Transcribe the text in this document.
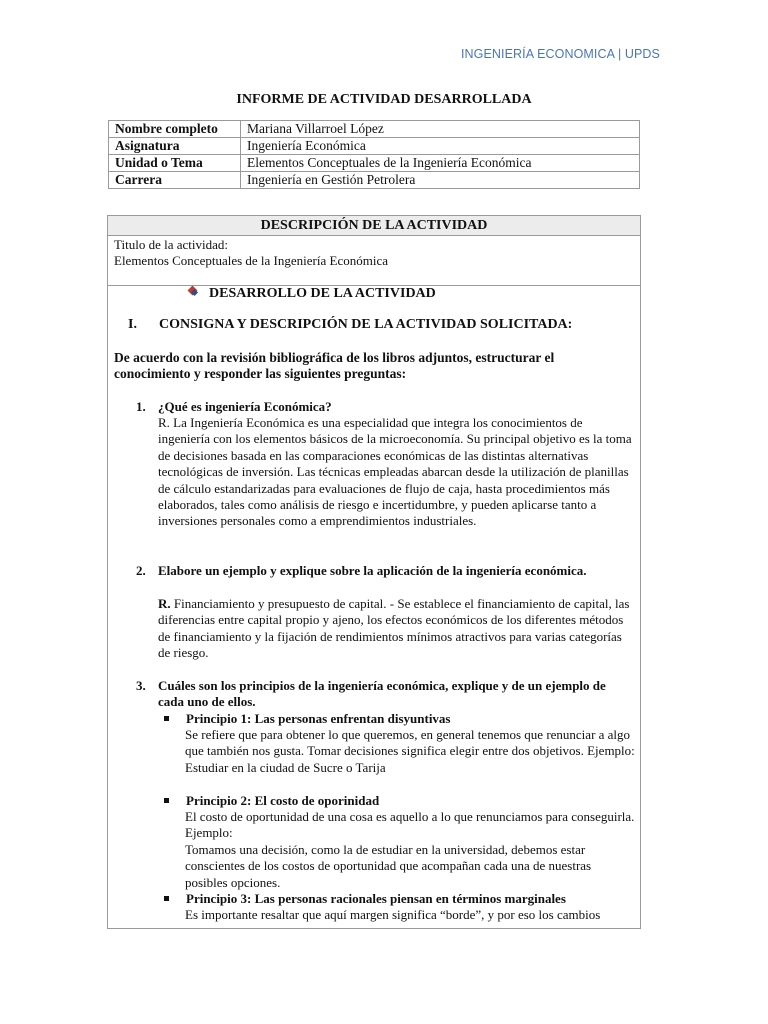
INGENIERÍA ECONOMICA | UPDS
INFORME DE ACTIVIDAD DESARROLLADA
Nombre completo	Mariana Villarroel López
Asignatura	Ingeniería Económica
Unidad o Tema	Elementos Conceptuales de la Ingeniería Económica
Carrera	Ingeniería en Gestión Petrolera
DESCRIPCIÓN DE LA ACTIVIDAD
Titulo de la actividad:
Elementos Conceptuales de la Ingeniería Económica
DESARROLLO DE LA ACTIVIDAD
I. CONSIGNA Y DESCRIPCIÓN DE LA ACTIVIDAD SOLICITADA:
De acuerdo con la revisión bibliográfica de los libros adjuntos, estructurar el conocimiento y responder las siguientes preguntas:
1. ¿Qué es ingeniería Económica?
R. La Ingeniería Económica es una especialidad que integra los conocimientos de ingeniería con los elementos básicos de la microeconomía. Su principal objetivo es la toma de decisiones basada en las comparaciones económicas de las distintas alternativas tecnológicas de inversión. Las técnicas empleadas abarcan desde la utilización de planillas de cálculo estandarizadas para evaluaciones de flujo de caja, hasta procedimientos más elaborados, tales como análisis de riesgo e incertidumbre, y pueden aplicarse tanto a inversiones personales como a emprendimientos industriales.
2. Elabore un ejemplo y explique sobre la aplicación de la ingeniería económica.
R. Financiamiento y presupuesto de capital. - Se establece el financiamiento de capital, las diferencias entre capital propio y ajeno, los efectos económicos de los diferentes métodos de financiamiento y la fijación de rendimientos mínimos atractivos para varias categorías de riesgo.
3. Cuáles son los principios de la ingeniería económica, explique y de un ejemplo de cada uno de ellos.
Principio 1: Las personas enfrentan disyuntivas
Se refiere que para obtener lo que queremos, en general tenemos que renunciar a algo que también nos gusta. Tomar decisiones significa elegir entre dos objetivos. Ejemplo:
Estudiar en la ciudad de Sucre o Tarija
Principio 2: El costo de oporinidad
El costo de oportunidad de una cosa es aquello a lo que renunciamos para conseguirla. Ejemplo:
Tomamos una decisión, como la de estudiar en la universidad, debemos estar conscientes de los costos de oportunidad que acompañan cada una de nuestras posibles opciones.
Principio 3: Las personas racionales piensan en términos marginales
Es importante resaltar que aquí margen significa “borde”, y por eso los cambios
